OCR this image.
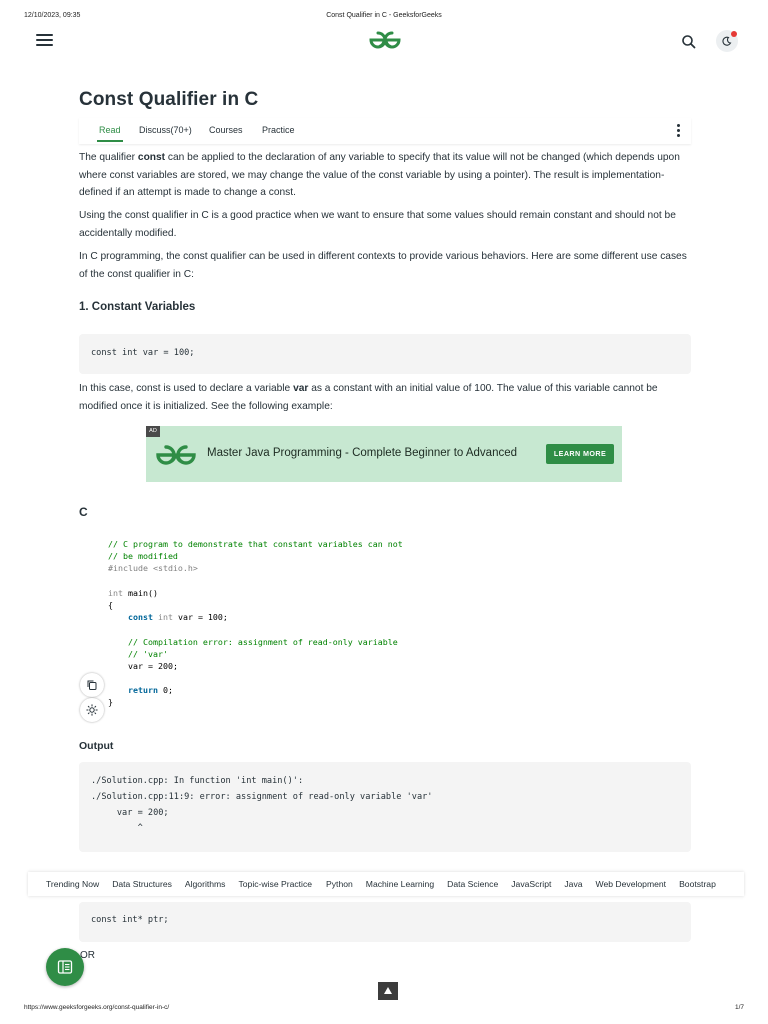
12/10/2023, 09:35	Const Qualifier in C - GeeksforGeeks
Const Qualifier in C
Read Discuss(70+) Courses Practice

The qualifier const can be applied to the declaration of any variable to specify that its value will not be changed (which depends upon where const variables are stored, we may change the value of the const variable by using a pointer). The result is implementation-defined if an attempt is made to change a const.

Using the const qualifier in C is a good practice when we want to ensure that some values should remain constant and should not be accidentally modified.

In C programming, the const qualifier can be used in different contexts to provide various behaviors. Here are some different use cases of the const qualifier in C:

1. Constant Variables
const int var = 100;

In this case, const is used to declare a variable var as a constant with an initial value of 100. The value of this variable cannot be modified once it is initialized. See the following example:

Master Java Programming - Complete Beginner to Advanced	LEARN MORE
AD
C
// C program to demonstrate that constant variables can not
// be modified
#include <stdio.h>
int main()
{
const int var = 100;
// Compilation error: assignment of read-only variable
// 'var'
var = 200;
return 0;
}
Output
./Solution.cpp: In function 'int main()':
./Solution.cpp:11:9: error: assignment of read-only variable 'var'
var = 200;
^
Trending Now Data Structures Algorithms Topic-wise Practice Python Machine Learning Data Science JavaScript Java Web Development Bootstrap
const int* ptr;
OR
https://www.geeksforgeeks.org/const-qualifier-in-c/	1/7
